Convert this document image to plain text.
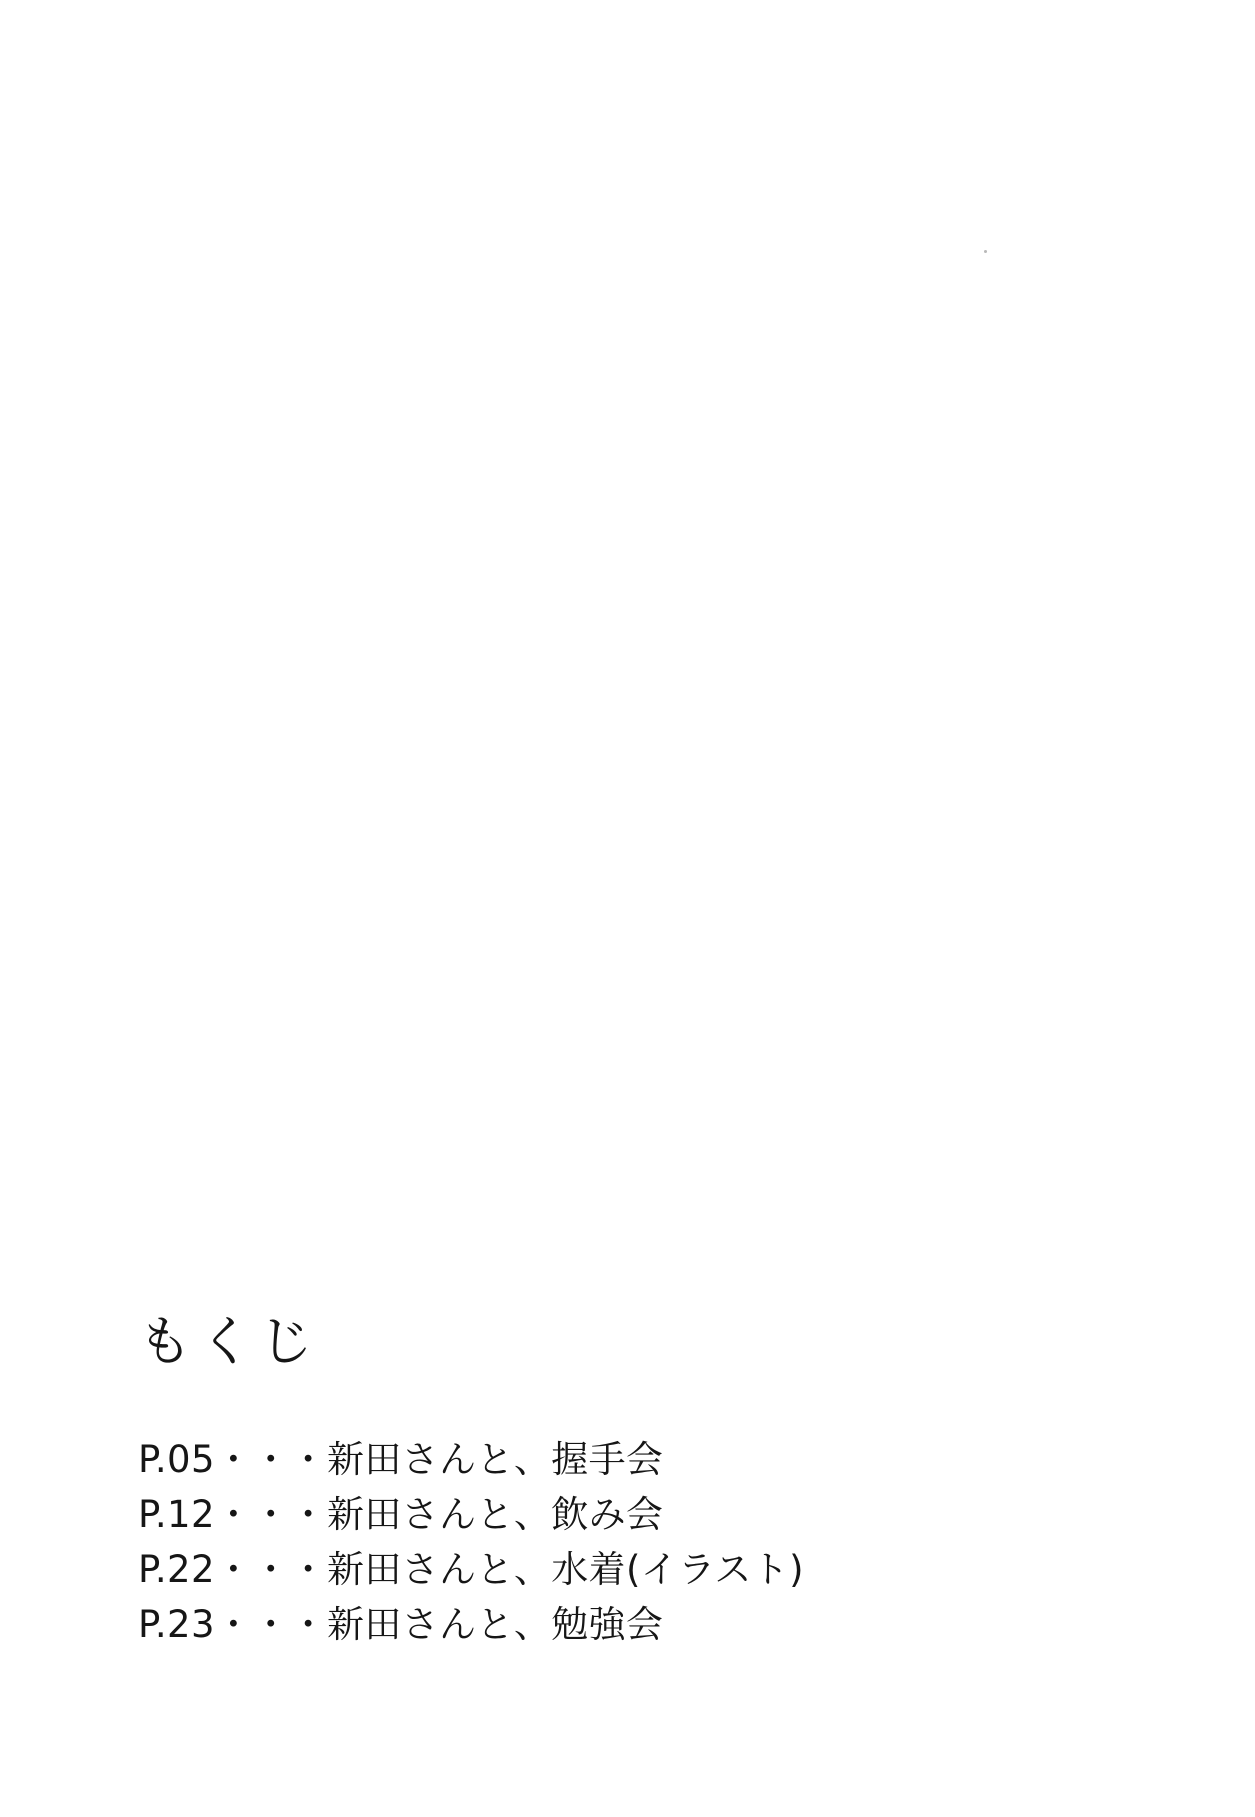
もくじ
P.05・・・新田さんと、握手会
P.12・・・新田さんと、飲み会
P.22・・・新田さんと、水着(イラスト)
P.23・・・新田さんと、勉強会
